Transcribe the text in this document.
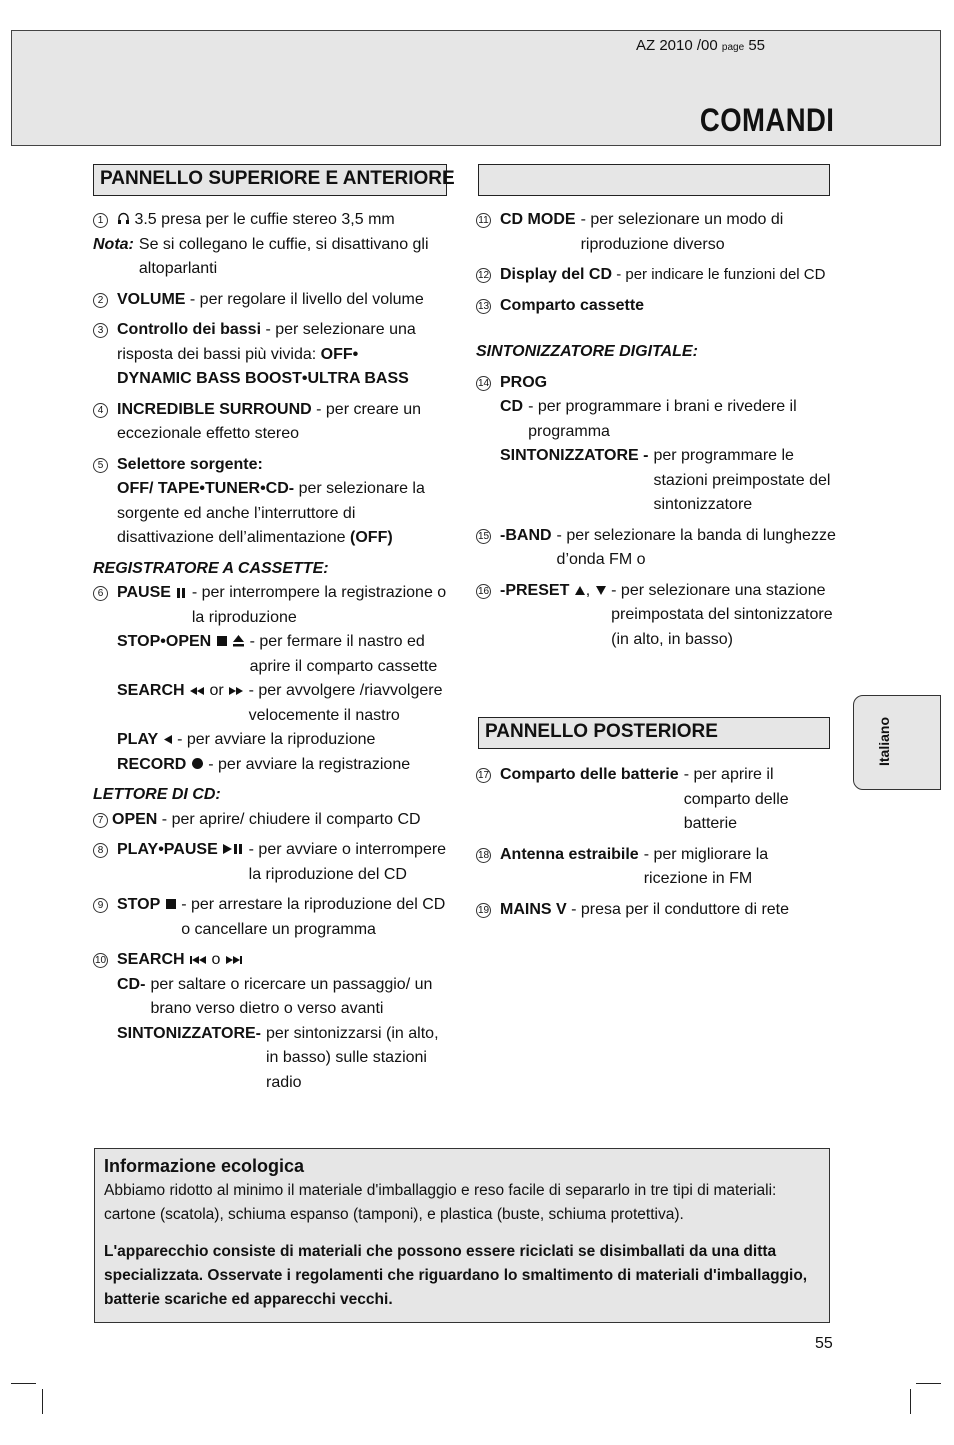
AZ 2010 /00 page 55
COMANDI
PANNELLO SUPERIORE E ANTERIORE
1 3.5 presa per le cuffie stereo 3,5 mm
Nota: Se si collegano le cuffie, si disattivano gli altoparlanti
2 VOLUME - per regolare il livello del volume
3 Controllo dei bassi - per selezionare una risposta dei bassi più vivida: OFF•
DYNAMIC BASS BOOST•ULTRA BASS
4 INCREDIBLE SURROUND - per creare un eccezionale effetto stereo
5 Selettore sorgente:
OFF/ TAPE•TUNER•CD- per selezionare la sorgente ed anche l’interruttore di disattivazione dell’alimentazione (OFF)
REGISTRATORE A CASSETTE:
6 PAUSE	- per interrompere la registrazione o la riproduzione
STOP•OPEN	- per fermare il nastro ed aprire il comparto cassette
SEARCH or	- per avvolgere /riavvolgere velocemente il nastro
PLAY  - per avviare la riproduzione
RECORD  - per avviare la registrazione
LETTORE DI CD:
7 OPEN - per aprire/ chiudere il comparto CD
8 PLAY•PAUSE	- per avviare o interrompere la riproduzione del CD
9 STOP	- per arrestare la riproduzione del CD o cancellare un programma
10 SEARCH o
CD- per saltare o ricercare un passaggio/ un brano verso dietro o verso avanti
SINTONIZZATORE- per sintonizzarsi (in alto, in basso) sulle stazioni radio
11 CD MODE - per selezionare un modo di riproduzione diverso
12 Display del CD - per indicare le funzioni del CD
13 Comparto cassette
SINTONIZZATORE DIGITALE:
14 PROG
CD - per programmare i brani e rivedere il programma
SINTONIZZATORE - per programmare le stazioni preimpostate del sintonizzatore
15 -BAND - per selezionare la banda di lunghezze d’onda FM o
16 -PRESET ,	- per selezionare una stazione preimpostata del sintonizzatore (in alto, in basso)
PANNELLO POSTERIORE
17 Comparto delle batterie - per aprire il comparto delle batterie
18 Antenna estraibile - per migliorare la ricezione in FM
19 MAINS V - presa per il conduttore di rete
Italiano
Informazione ecologica

Abbiamo ridotto al minimo il materiale d'imballaggio e reso facile di separarlo in tre tipi di materiali: cartone (scatola), schiuma espanso (tamponi), e plastica (buste, schiuma protettiva).

L'apparecchio consiste di materiali che possono essere riciclati se disimballati da una ditta specializzata. Osservate i regolamenti che riguardano lo smaltimento di materiali d'imballaggio, batterie scariche ed apparecchi vecchi.

55
